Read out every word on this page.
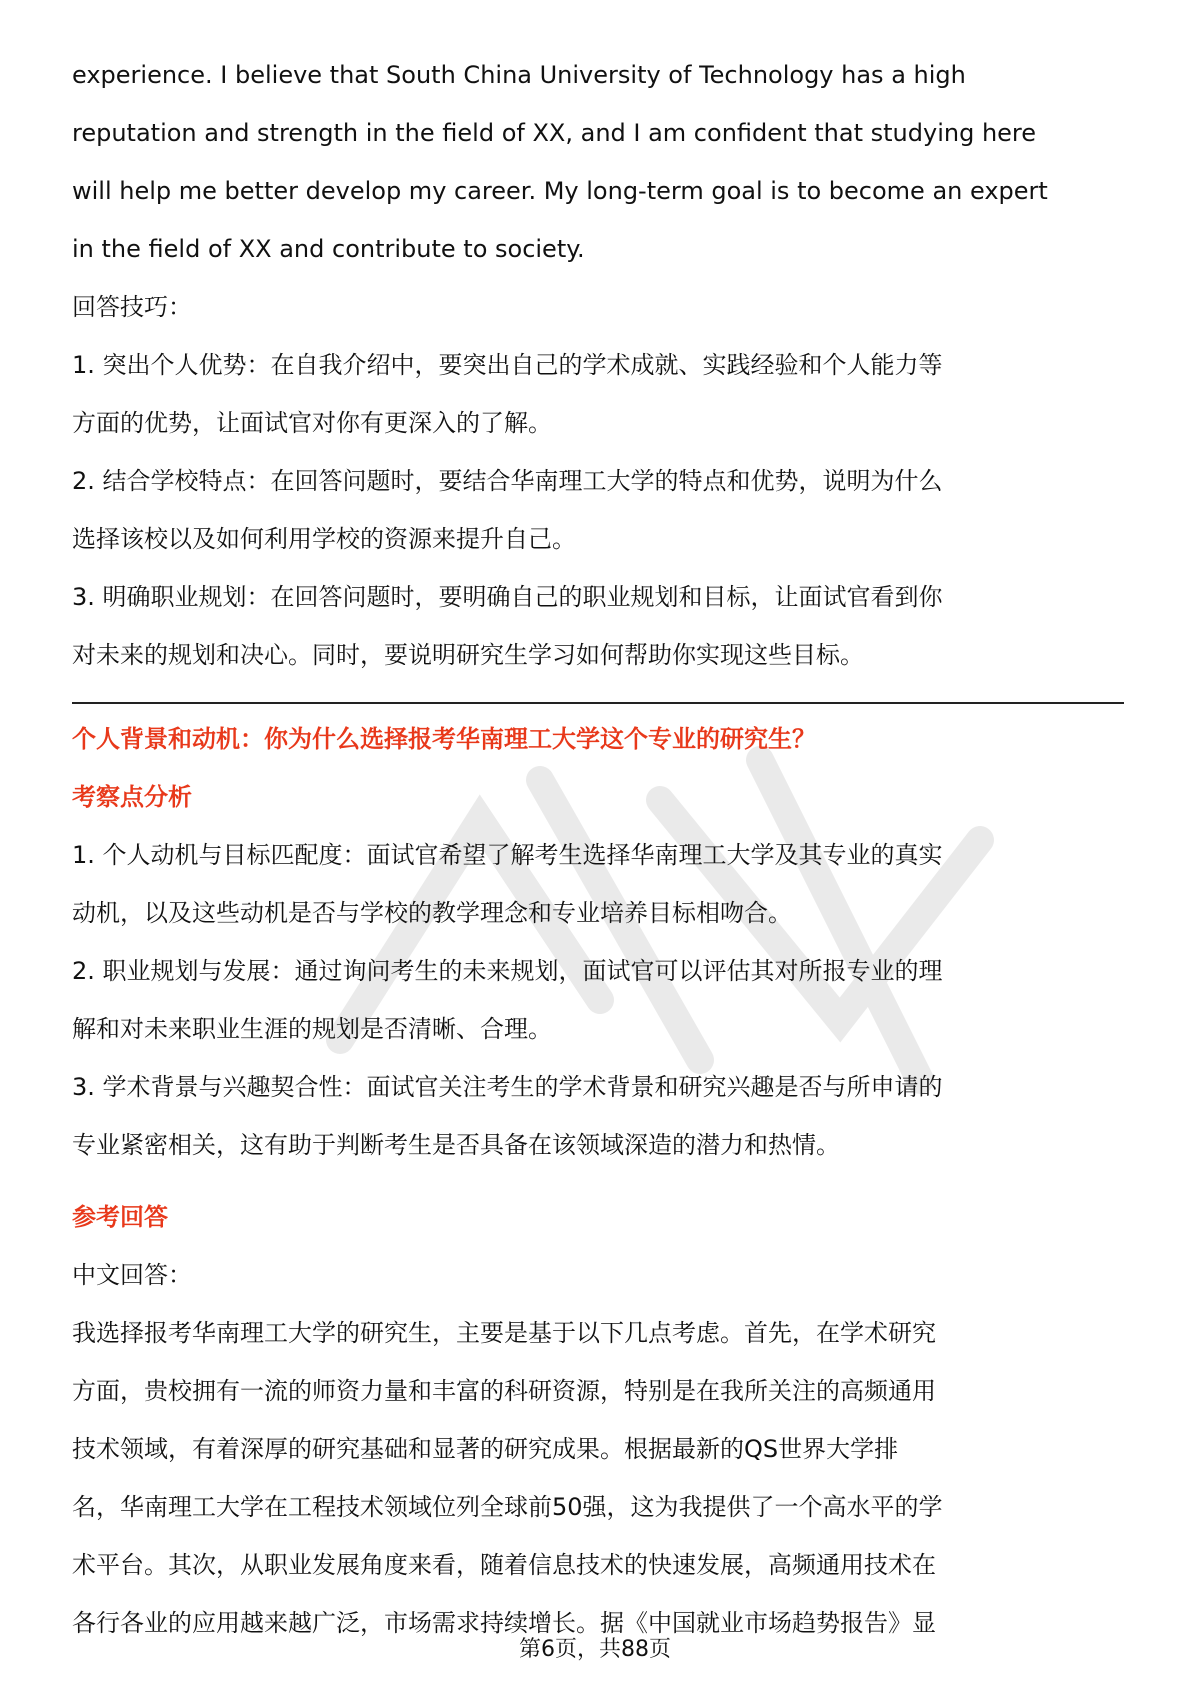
experience. I believe that South China University of Technology has a high

reputation and strength in the field of XX, and I am confident that studying here

will help me better develop my career. My long-term goal is to become an expert

in the field of XX and contribute to society.

回答技巧：

1. 突出个人优势：在自我介绍中，要突出自己的学术成就、实践经验和个人能力等

方面的优势，让面试官对你有更深入的了解。

2. 结合学校特点：在回答问题时，要结合华南理工大学的特点和优势，说明为什么

选择该校以及如何利用学校的资源来提升自己。

3. 明确职业规划：在回答问题时，要明确自己的职业规划和目标，让面试官看到你

对未来的规划和决心。同时，要说明研究生学习如何帮助你实现这些目标。

个人背景和动机：你为什么选择报考华南理工大学这个专业的研究生？

考察点分析

1. 个人动机与目标匹配度：面试官希望了解考生选择华南理工大学及其专业的真实

动机，以及这些动机是否与学校的教学理念和专业培养目标相吻合。

2. 职业规划与发展：通过询问考生的未来规划，面试官可以评估其对所报专业的理

解和对未来职业生涯的规划是否清晰、合理。

3. 学术背景与兴趣契合性：面试官关注考生的学术背景和研究兴趣是否与所申请的

专业紧密相关，这有助于判断考生是否具备在该领域深造的潜力和热情。

参考回答

中文回答：

我选择报考华南理工大学的研究生，主要是基于以下几点考虑。首先，在学术研究

方面，贵校拥有一流的师资力量和丰富的科研资源，特别是在我所关注的高频通用

技术领域，有着深厚的研究基础和显著的研究成果。根据最新的QS世界大学排

名，华南理工大学在工程技术领域位列全球前50强，这为我提供了一个高水平的学

术平台。其次，从职业发展角度来看，随着信息技术的快速发展，高频通用技术在

各行各业的应用越来越广泛，市场需求持续增长。据《中国就业市场趋势报告》显

第6页，共88页
